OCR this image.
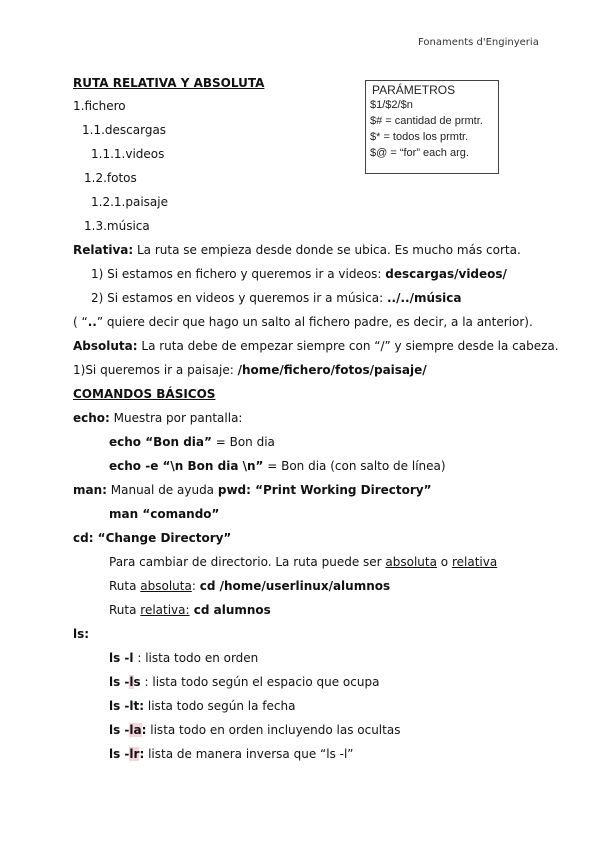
Fonaments d'Enginyeria
RUTA RELATIVA Y ABSOLUTA
1.fichero
1.1.descargas
1.1.1.videos
1.2.fotos
1.2.1.paisaje
1.3.música
PARÁMETROS
$1/$2/$n
$# = cantidad de prmtr.
$* = todos los prmtr.
$@ = “for” each arg.
Relativa: La ruta se empieza desde donde se ubica. Es mucho más corta.
1) Si estamos en fichero y queremos ir a videos: descargas/videos/
2) Si estamos en videos y queremos ir a música: ../../música
( “..” quiere decir que hago un salto al fichero padre, es decir, a la anterior).
Absoluta: La ruta debe de empezar siempre con “/” y siempre desde la cabeza.
1)Si queremos ir a paisaje: /home/fichero/fotos/paisaje/
COMANDOS BÁSICOS
echo: Muestra por pantalla:
echo “Bon dia” = Bon dia
echo -e “\n Bon dia \n” = Bon dia (con salto de línea)
man: Manual de ayuda pwd: “Print Working Directory”
man “comando”
cd: “Change Directory”
Para cambiar de directorio. La ruta puede ser absoluta o relativa
Ruta absoluta: cd /home/userlinux/alumnos
Ruta relativa: cd alumnos
ls:
ls -l : lista todo en orden
ls -ls : lista todo según el espacio que ocupa
ls -lt: lista todo según la fecha
ls -la: lista todo en orden incluyendo las ocultas
ls -lr: lista de manera inversa que “ls -l”
